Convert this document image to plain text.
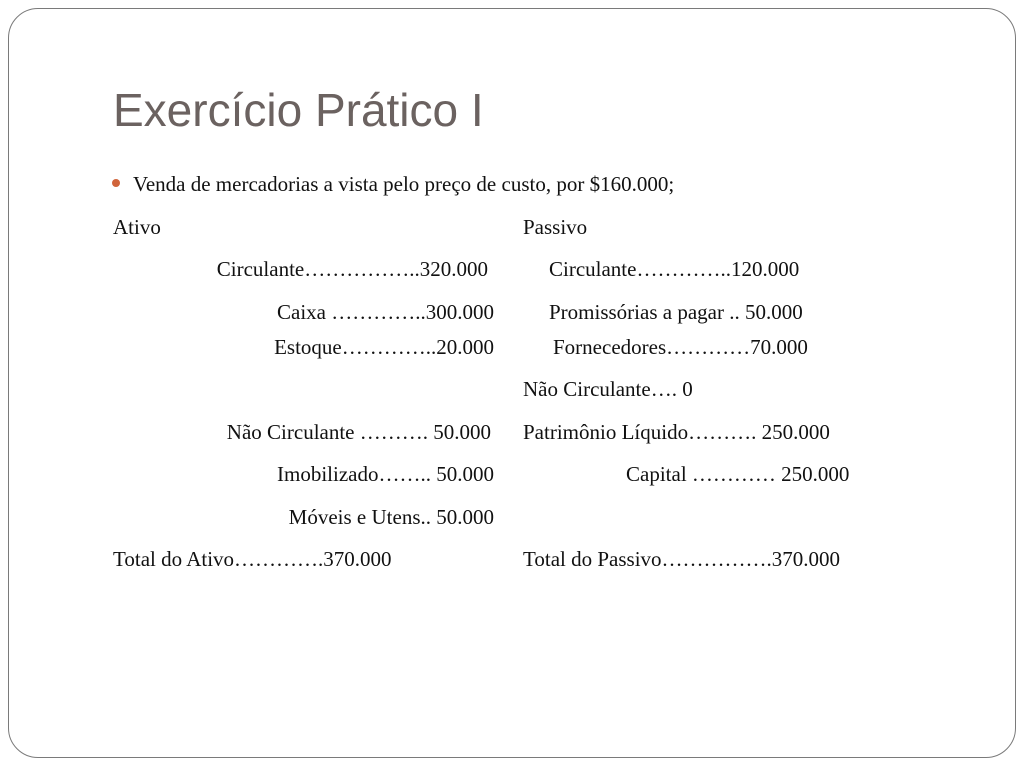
Exercício Prático I
Venda de mercadorias a vista pelo preço de custo, por $160.000;
Ativo
Circulante……………..320.000
Caixa …………..300.000
Estoque…………..20.000
Não Circulante ………. 50.000
Imobilizado…….. 50.000
Móveis e Utens.. 50.000
Total do Ativo………….370.000
Passivo
Circulante…………..120.000
Promissórias a pagar .. 50.000
Fornecedores…………70.000
Não Circulante…. 0
Patrimônio Líquido………. 250.000
Capital ………… 250.000
Total do Passivo…………….370.000
